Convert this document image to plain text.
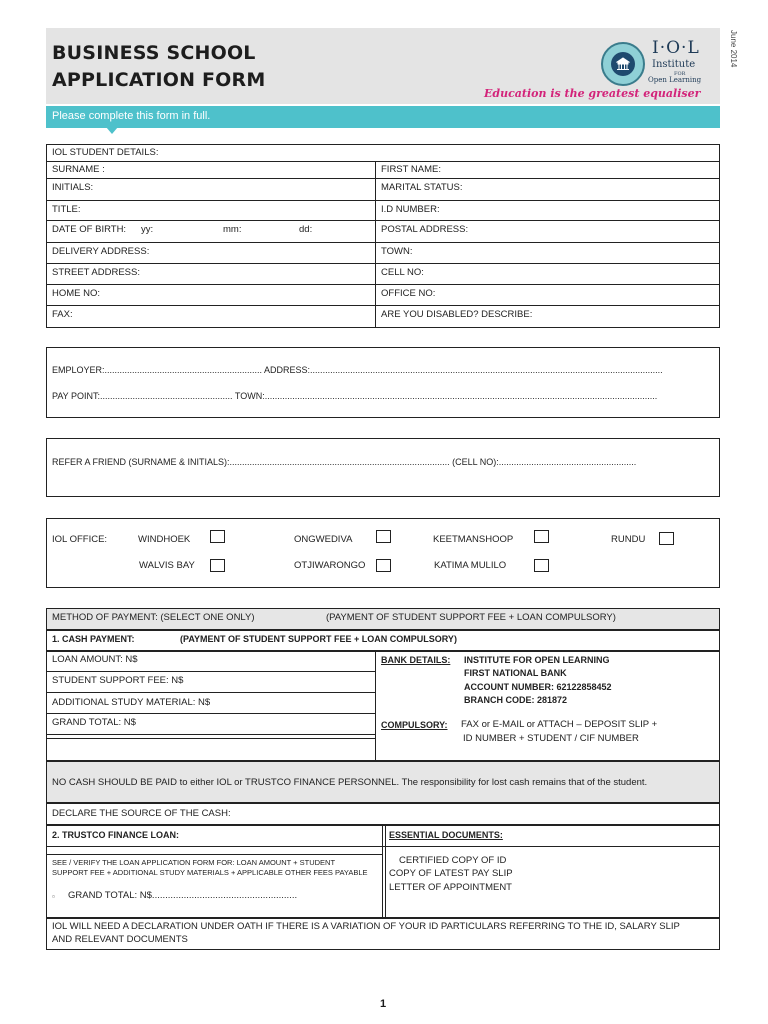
BUSINESS SCHOOL
APPLICATION FORM
I·O·L
Institute
FOR
Open Learning
Education is the greatest equaliser
June 2014
Please complete this form in full.
IOL STUDENT DETAILS:
SURNAME :	FIRST NAME:
INITIALS:	MARITAL STATUS:
TITLE:	I.D NUMBER:
DATE OF BIRTH: yy:	mm:	dd:	POSTAL ADDRESS:
DELIVERY ADDRESS:	TOWN:
STREET ADDRESS:	CELL NO:
HOME NO:	OFFICE NO:
FAX:	ARE YOU DISABLED? DESCRIBE:
EMPLOYER:............................................................... ADDRESS:.............................................................................................................................................
PAY POINT:..................................................... TOWN:.............................................................................................................................................................
REFER A FRIEND (SURNAME & INITIALS):........................................................................................ (CELL NO):.......................................................
IOL OFFICE:	WINDHOEK	ONGWEDIVA	KEETMANSHOOP	RUNDU
WALVIS BAY	OTJIWARONGO	KATIMA MULILO
METHOD OF PAYMENT: (SELECT ONE ONLY)	(PAYMENT OF STUDENT SUPPORT FEE + LOAN COMPULSORY)
1. CASH PAYMENT:	(PAYMENT OF STUDENT SUPPORT FEE + LOAN COMPULSORY)
LOAN AMOUNT: N$
STUDENT SUPPORT FEE: N$
ADDITIONAL STUDY MATERIAL: N$
GRAND TOTAL: N$
BANK DETAILS: INSTITUTE FOR OPEN LEARNING
FIRST NATIONAL BANK
ACCOUNT NUMBER: 62122858452
BRANCH CODE: 281872
COMPULSORY: FAX or E-MAIL or ATTACH – DEPOSIT SLIP +
ID NUMBER + STUDENT / CIF NUMBER
NO CASH SHOULD BE PAID to either IOL or TRUSTCO FINANCE PERSONNEL. The responsibility for lost cash remains that of the student.
DECLARE THE SOURCE OF THE CASH:
2. TRUSTCO FINANCE LOAN:	ESSENTIAL DOCUMENTS:
SEE / VERIFY THE LOAN APPLICATION FORM FOR: LOAN AMOUNT + STUDENT
SUPPORT FEE + ADDITIONAL STUDY MATERIALS + APPLICABLE OTHER FEES PAYABLE
▫ GRAND TOTAL: N$.......................................................
CERTIFIED COPY OF ID
COPY OF LATEST PAY SLIP
LETTER OF APPOINTMENT
IOL WILL NEED A DECLARATION UNDER OATH IF THERE IS A VARIATION OF YOUR ID PARTICULARS REFERRING TO THE ID, SALARY SLIP
AND RELEVANT DOCUMENTS
1
